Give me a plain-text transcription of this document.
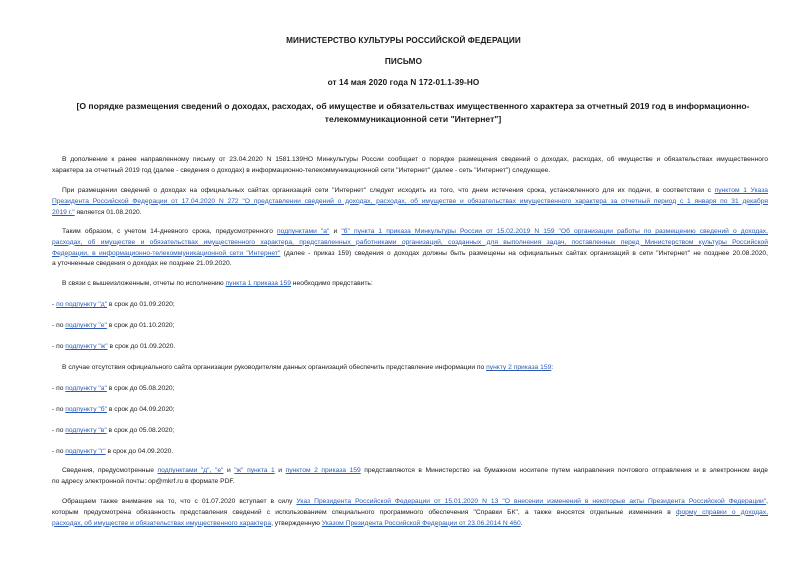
МИНИСТЕРСТВО КУЛЬТУРЫ РОССИЙСКОЙ ФЕДЕРАЦИИ
ПИСЬМО
от 14 мая 2020 года N 172-01.1-39-НО
[О порядке размещения сведений о доходах, расходах, об имуществе и обязательствах имущественного характера за отчетный 2019 год в информационно-
телекоммуникационной сети "Интернет"]
В дополнение к ранее направленному письму от 23.04.2020 N 1581.139НО Минкультуры России сообщает о порядке размещения сведений о доходах, расходах, об имуществе и обязательствах имущественного
характера за отчетный 2019 год (далее - сведения о доходах) в информационно-телекоммуникационной сети "Интернет" (далее - сеть "Интернет") следующее.
При размещении сведений о доходах на официальных сайтах организаций сети "Интернет" следует исходить из того, что днем истечения срока, установленного для их подачи, в соответствии с пунктом 1 Указа
Президента Российской Федерации от 17.04.2020 N 272 "О представлении сведений о доходах, расходах, об имуществе и обязательствах имущественного характера за отчетный период с 1 января по 31 декабря
2019 г." является 01.08.2020.
Таким образом, с учетом 14-дневного срока, предусмотренного подпунктами "а" и "б" пункта 1 приказа Минкультуры России от 15.02.2019 N 159 "Об организации работы по размещению сведений о доходах,
расходах, об имуществе и обязательствах имущественного характера, представленных работниками организаций, созданных для выполнения задач, поставленных перед Министерством культуры Российской
Федерации, в информационно-телекоммуникационной сети "Интернет" (далее - приказ 159) сведения о доходах должны быть размещены на официальных сайтах организаций в сети "Интернет" не позднее 20.08.2020,
а уточненные сведения о доходах не позднее 21.09.2020.
В связи с вышеизложенным, отчеты по исполнению пункта 1 приказа 159 необходимо представить:
- по подпункту "д" в срок до 01.09.2020;
- по подпункту "е" в срок до 01.10.2020;
- по подпункту "ж" в срок до 01.09.2020.
В случае отсутствия официального сайта организации руководителям данных организаций обеспечить представление информации по пункту 2 приказа 159:
- по подпункту "а" в срок до 05.08.2020;
- по подпункту "б" в срок до 04.09.2020;
- по подпункту "в" в срок до 05.08.2020;
- по подпункту "г" в срок до 04.09.2020.
Сведения, предусмотренные подпунктами "д", "е" и "ж" пункта 1 и пунктом 2 приказа 159 представляются в Министерство на бумажном носителе путем направления почтового отправления и в электронном виде
по адресу электронной почты: op@mkrf.ru в формате PDF.
Обращаем также внимание на то, что с 01.07.2020 вступает в силу Указ Президента Российской Федерации от 15.01.2020 N 13 "О внесении изменений в некоторые акты Президента Российской Федерации",
которым предусмотрена обязанность представления сведений с использованием специального программного обеспечения "Справки БК", а также вносятся отдельные изменения в форму справки о доходах,
расходах, об имуществе и обязательствах имущественного характера, утвержденную Указом Президента Российской Федерации от 23.06.2014 N 460.
